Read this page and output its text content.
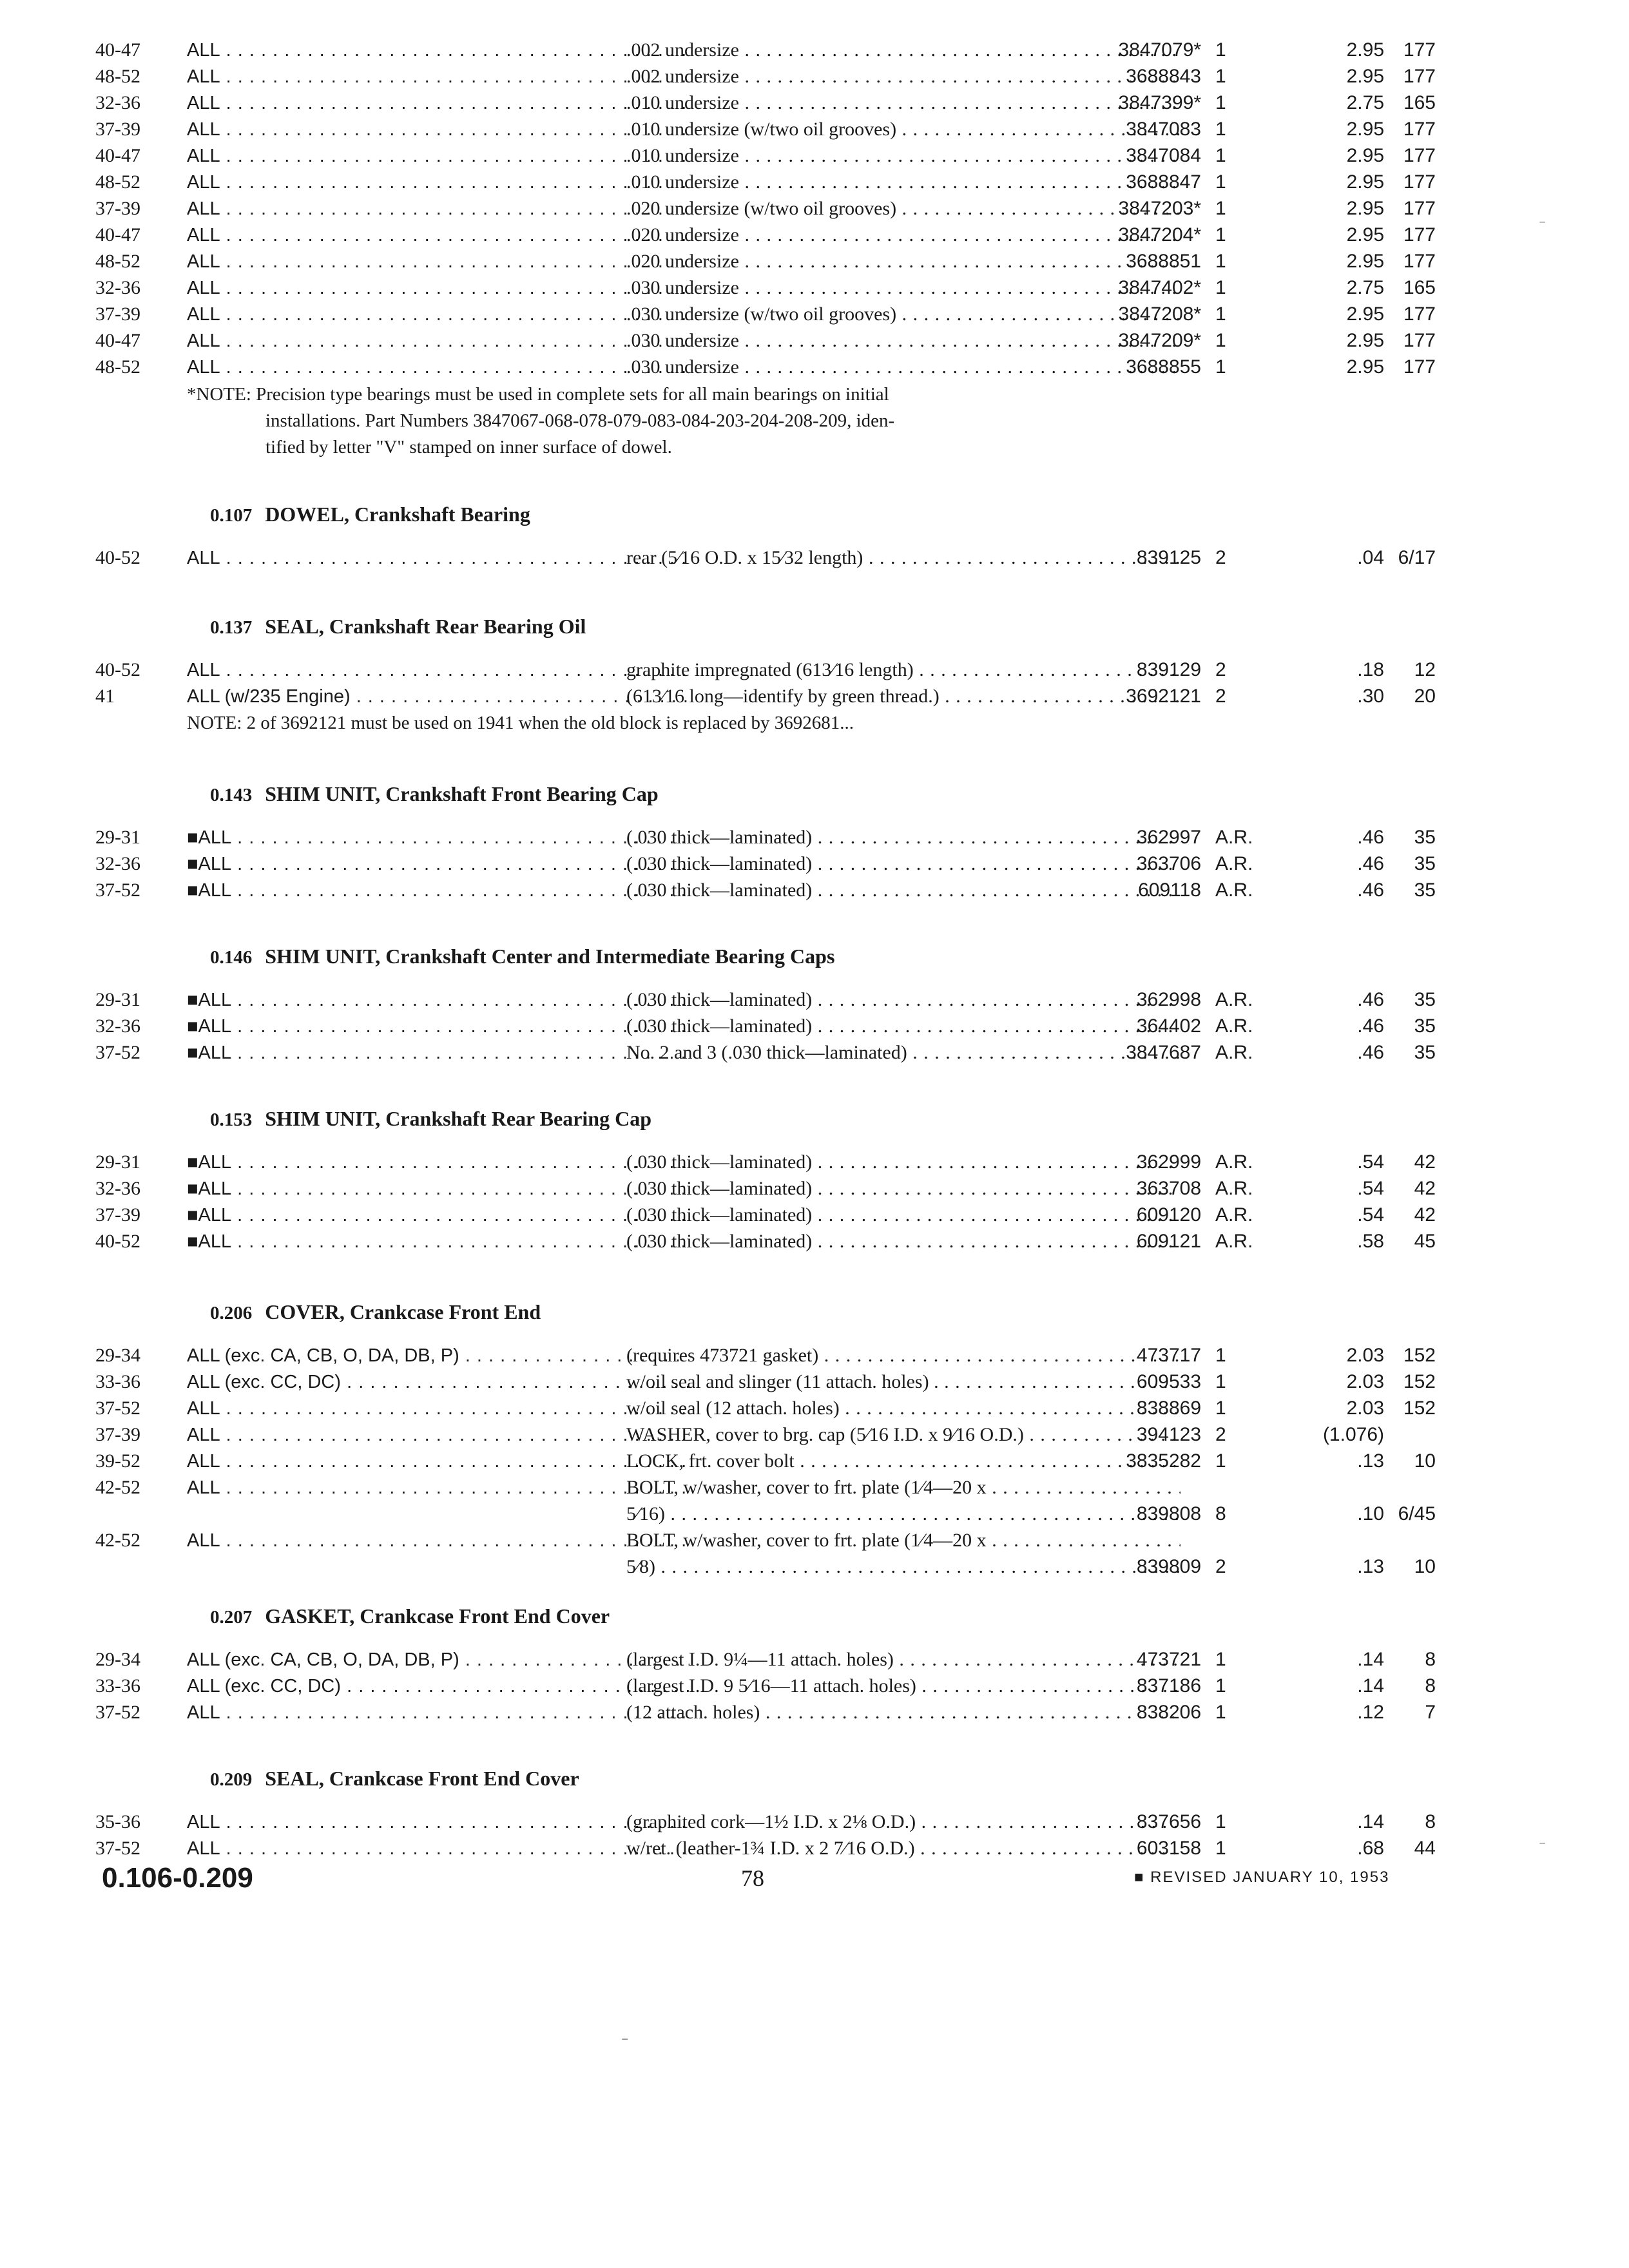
40-47 ALL . . .	.002 undersize . . .	3847079* 1	2.95 177
48-52 ALL . . .	.002 undersize . . .	3688843 1	2.95 177
32-36 ALL . . .	.010 undersize . . .	3847399* 1	2.75 165
37-39 ALL . . .	.010 undersize (w/two oil grooves) . . .	3847083 1	2.95 177
40-47 ALL . . .	.010 undersize . . .	3847084 1	2.95 177
48-52 ALL . . .	.010 undersize . . .	3688847 1	2.95 177
37-39 ALL . . .	.020 undersize (w/two oil grooves) . . .	3847203* 1	2.95 177
40-47 ALL . . .	.020 undersize . . .	3847204* 1	2.95 177
48-52 ALL . . .	.020 undersize . . .	3688851 1	2.95 177
32-36 ALL . . .	.030 undersize . . .	3847402* 1	2.75 165
37-39 ALL . . .	.030 undersize (w/two oil grooves) . . .	3847208* 1	2.95 177
40-47 ALL . . .	.030 undersize . . .	3847209* 1	2.95 177
48-52 ALL . . .	.030 undersize . . .	3688855 1	2.95 177
*NOTE: Precision type bearings must be used in complete sets for all main bearings on initial
installations. Part Numbers 3847067-068-078-079-083-084-203-204-208-209, iden-
tified by letter "V" stamped on inner surface of dowel.
0.107 DOWEL, Crankshaft Bearing
40-52 ALL . . .	rear (5⁄16 O.D. x 15⁄32 length) . . .	839125 2	.04 6/17
0.137 SEAL, Crankshaft Rear Bearing Oil
40-52 ALL . . .	graphite impregnated (613⁄16 length) . . .	839129 2	.18	12
41	ALL (w/235 Engine) . . .	(613⁄16 long—identify by green thread.) . . .	3692121 2	.30	20
NOTE: 2 of 3692121 must be used on 1941 when the old block is replaced by 3692681...
0.143 SHIM UNIT, Crankshaft Front Bearing Cap
29-31 ■ALL . . .	(.030 thick—laminated) . . .	362997 A.R.	.46	35
32-36 ■ALL . . .	(.030 thick—laminated) . . .	363706 A.R.	.46	35
37-52 ■ALL . . .	(.030 thick—laminated) . . .	609118 A.R.	.46	35
0.146 SHIM UNIT, Crankshaft Center and Intermediate Bearing Caps
29-31 ■ALL . . .	(.030 thick—laminated) . . .	362998 A.R.	.46	35
32-36 ■ALL . . .	(.030 thick—laminated) . . .	364402 A.R.	.46	35
37-52 ■ALL . . .	No. 2 and 3 (.030 thick—laminated) . . .	3847687 A.R.	.46	35
0.153 SHIM UNIT, Crankshaft Rear Bearing Cap
29-31 ■ALL . . .	(.030 thick—laminated) . . .	362999 A.R.	.54	42
32-36 ■ALL . . .	(.030 thick—laminated) . . .	363708 A.R.	.54	42
37-39 ■ALL . . .	(.030 thick—laminated) . . .	609120 A.R.	.54	42
40-52 ■ALL . . .	(.030 thick—laminated) . . .	609121 A.R.	.58	45
0.206 COVER, Crankcase Front End
29-34 ALL (exc. CA, CB, O, DA, DB, P) . . .	(requires 473721 gasket) . . .	473717 1	2.03 152
33-36 ALL (exc. CC, DC) . . .	w/oil seal and slinger (11 attach. holes) . . . .	609533 1	2.03 152
37-52 ALL . . .	w/oil seal (12 attach. holes) . . .	838869 1	2.03 152
37-39 ALL . . .	WASHER, cover to brg. cap (5⁄16 I.D. x 9⁄16 O.D.) . . .	394123 2	(1.076)
39-52 ALL . . .	LOCK, frt. cover bolt . . .	3835282 1	.13	10
42-52 ALL . . .	BOLT, w/washer, cover to frt. plate (1⁄4—20 x . . .
5⁄16) . . .	839808 8	.10 6/45
42-52 ALL . . .	BOLT, w/washer, cover to frt. plate (1⁄4—20 x . . .
5⁄8) . . .	839809 2	.13	10
0.207 GASKET, Crankcase Front End Cover
29-34 ALL (exc. CA, CB, O, DA, DB, P) . . .	(largest I.D. 9¼—11 attach. holes) . . .	473721 1	.14	8
33-36 ALL (exc. CC, DC) . . .	(largest I.D. 9 5⁄16—11 attach. holes) . . .	837186 1	.14	8
37-52 ALL . . .	(12 attach. holes) . . .	838206 1	.12	7
0.209 SEAL, Crankcase Front End Cover
35-36 ALL . . .	(graphited cork—1½ I.D. x 2⅛ O.D.) . . .	837656 1	.14	8
37-52 ALL . . .	w/ret. (leather-1¾ I.D. x 2 7⁄16 O.D.) . . .	603158 1	.68	44
0.106-0.209	78	■ REVISED JANUARY 10, 1953
‾
‾
‾
